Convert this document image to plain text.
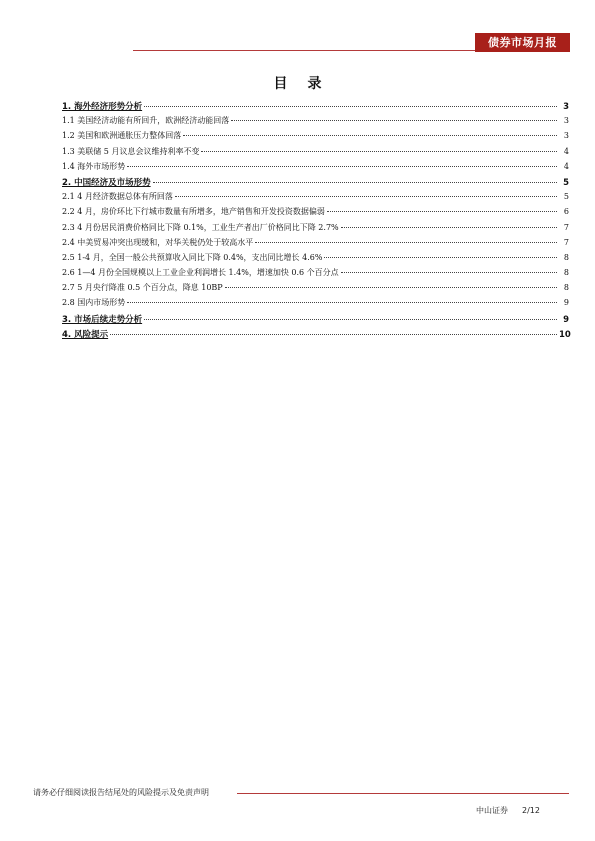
债券市场月报
目 录
1. 海外经济形势分析	3
1.1 美国经济动能有所回升，欧洲经济动能回落	3
1.2 美国和欧洲通胀压力整体回落	3
1.3 美联储 5 月议息会议维持利率不变	4
1.4 海外市场形势	4
2. 中国经济及市场形势	5
2.1 4 月经济数据总体有所回落	5
2.2 4 月，房价环比下行城市数量有所增多，地产销售和开发投资数据偏弱	6
2.3 4 月份居民消费价格同比下降 0.1%，工业生产者出厂价格同比下降 2.7%	7
2.4 中美贸易冲突出现缓和，对华关税仍处于较高水平	7
2.5 1-4 月，全国一般公共预算收入同比下降 0.4%，支出同比增长 4.6%	8
2.6 1—4 月份全国规模以上工业企业利润增长 1.4%，增速加快 0.6 个百分点	8
2.7 5 月央行降准 0.5 个百分点，降息 10BP	8
2.8 国内市场形势	9
3. 市场后续走势分析	9
4. 风险提示	10
请务必仔细阅读报告结尾处的风险提示及免责声明
中山证券 2/12
